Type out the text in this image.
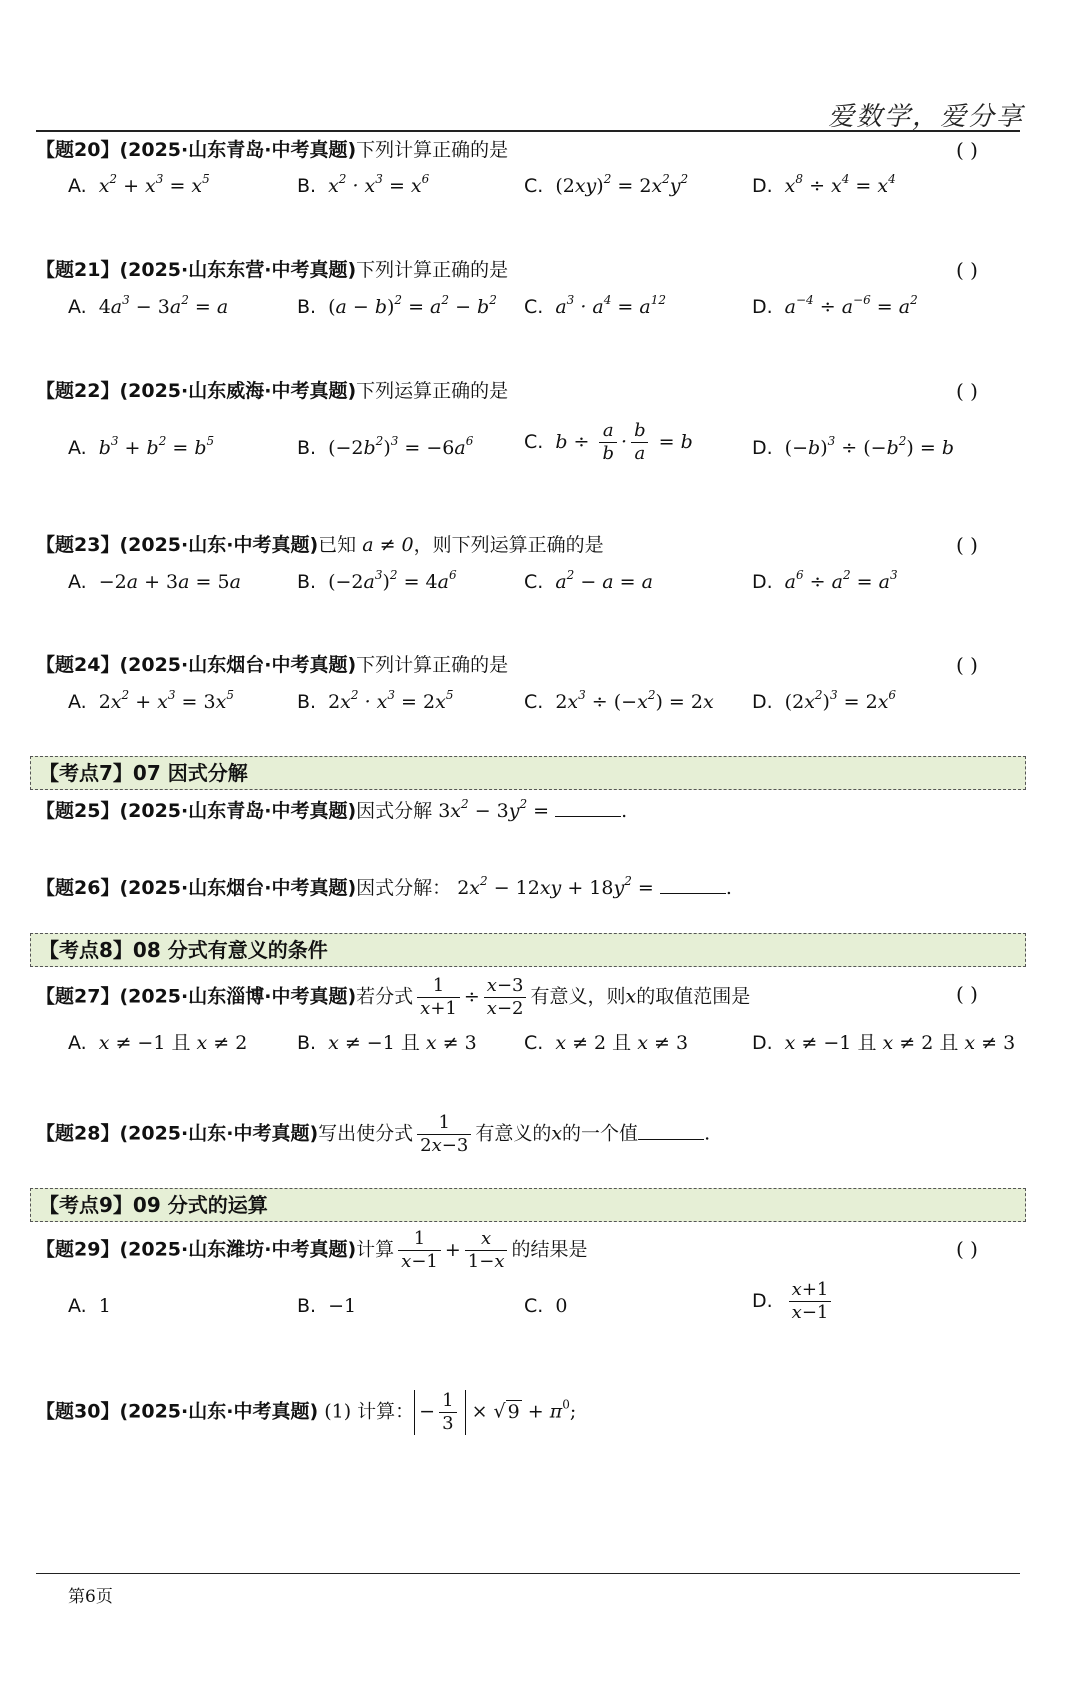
爱数学，爱分享
【题20】(2025·山东青岛·中考真题)下列计算正确的是	( )
A. $x^2 + x^3 = x^5$	B. $x^2 \cdot x^3 = x^6$	C. $(2xy)^2 = 2x^2y^2$	D. $x^8 \div x^4 = x^4$
【题21】(2025·山东东营·中考真题)下列计算正确的是	( )
A. $4a^3 - 3a^2 = a$	B. $(a - b)^2 = a^2 - b^2$ C. $a^3 \cdot a^4 = a^{12}$	D. $a^{-4} \div a^{-6} = a^2$
【题22】(2025·山东威海·中考真题)下列运算正确的是	( )
A. $b^3 + b^2 = b^5$	B. $(-2b^2)^3 = -6a^6$	C. $b \div \frac{a}{b} \cdot \frac{b}{a} = b$	D. $(-b)^3 \div (-b^2) = b$
【题23】(2025·山东·中考真题)已知 a ≠ 0，则下列运算正确的是	( )
A. −2a + 3a = 5a	B. $(-2a^3)^2 = 4a^6$	C. $a^2 - a = a$	D. $a^6 \div a^2 = a^3$
【题24】(2025·山东烟台·中考真题)下列计算正确的是	( )
A. $2x^2 + x^3 = 3x^5$	B. $2x^2 \cdot x^3 = 2x^5$	C. $2x^3 \div (-x^2) = 2x$ D. $(2x^2)^3 = 2x^6$
【考点7】07 因式分解
【题25】(2025·山东青岛·中考真题)因式分解 $3x^2 - 3y^2$ =	.
【题26】(2025·山东烟台·中考真题)因式分解： $2x^2 - 12xy + 18y^2$ =	.
【考点8】08 分式有意义的条件
【题27】(2025·山东淄博·中考真题)若分式 $\frac{1}{x+1} \div \frac{x-3}{x-2}$ 有意义，则x的取值范围是	( )
A. x ≠ −1 且 x ≠ 2	B. x ≠ −1 且 x ≠ 3 C. x ≠ 2 且 x ≠ 3	D. x ≠ −1 且 x ≠ 2 且 x ≠ 3
【题28】(2025·山东·中考真题)写出使分式 $\frac{1}{2x-3}$ 有意义的x的一个值	.
【考点9】09 分式的运算
【题29】(2025·山东潍坊·中考真题)计算 $\frac{1}{x-1} + \frac{x}{1-x}$ 的结果是	( )
A. 1	B. −1	C. 0	D. $\frac{x+1}{x-1}$
【题30】(2025·山东·中考真题) (1) 计算： − $\frac{1}{3}$ × √ $9 + \pi^0$;
第6页
